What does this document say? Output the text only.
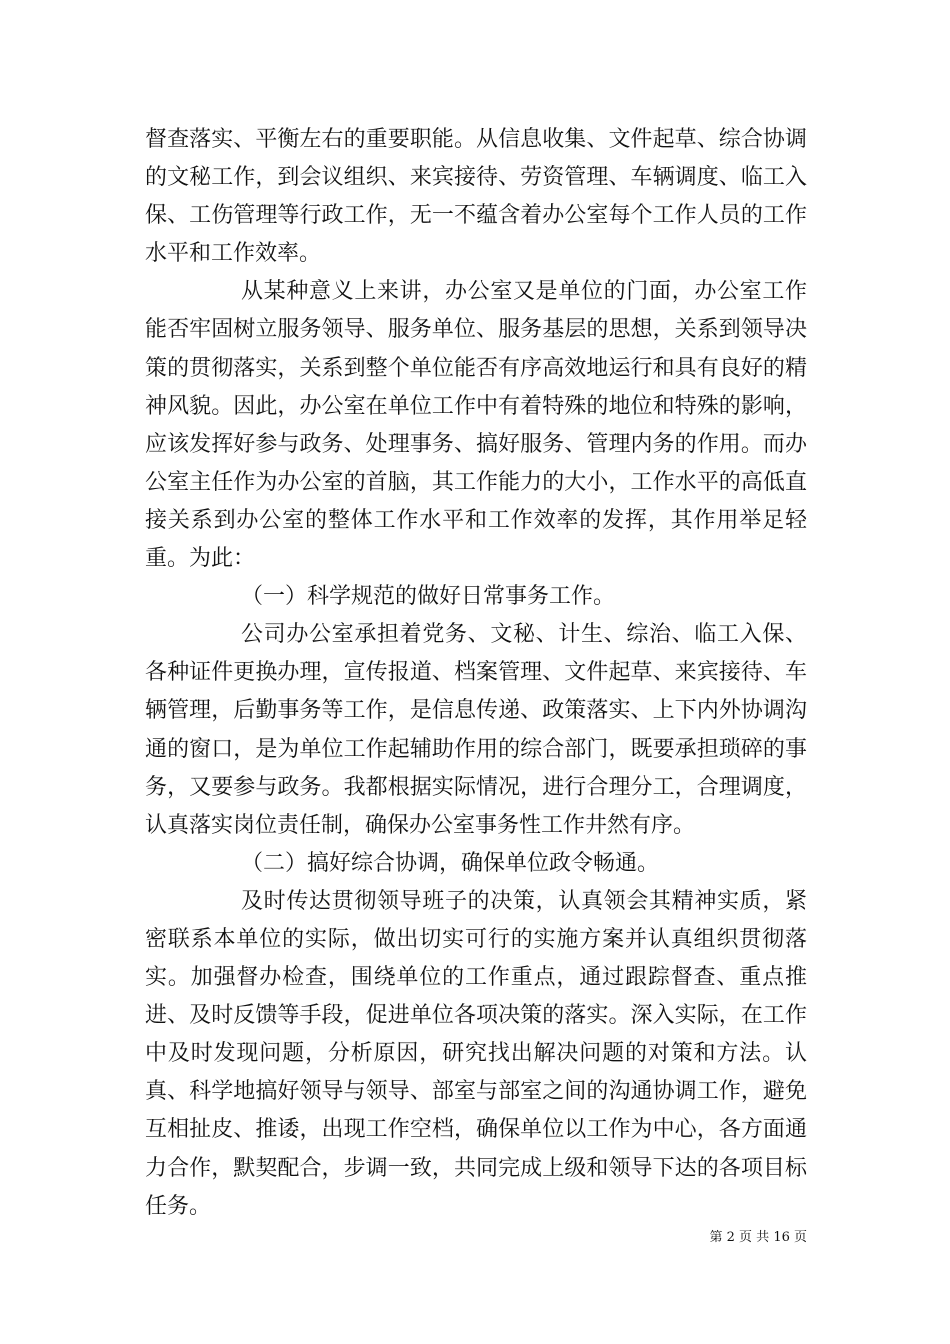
督查落实、平衡左右的重要职能。从信息收集、文件起草、综合协调的文秘工作，到会议组织、来宾接待、劳资管理、车辆调度、临工入保、工伤管理等行政工作，无一不蕴含着办公室每个工作人员的工作水平和工作效率。

从某种意义上来讲，办公室又是单位的门面，办公室工作能否牢固树立服务领导、服务单位、服务基层的思想，关系到领导决策的贯彻落实，关系到整个单位能否有序高效地运行和具有良好的精神风貌。因此，办公室在单位工作中有着特殊的地位和特殊的影响，应该发挥好参与政务、处理事务、搞好服务、管理内务的作用。而办公室主任作为办公室的首脑，其工作能力的大小，工作水平的高低直接关系到办公室的整体工作水平和工作效率的发挥，其作用举足轻重。为此：

（一）科学规范的做好日常事务工作。

公司办公室承担着党务、文秘、计生、综治、临工入保、各种证件更换办理，宣传报道、档案管理、文件起草、来宾接待、车辆管理，后勤事务等工作，是信息传递、政策落实、上下内外协调沟通的窗口，是为单位工作起辅助作用的综合部门，既要承担琐碎的事务，又要参与政务。我都根据实际情况，进行合理分工，合理调度，认真落实岗位责任制，确保办公室事务性工作井然有序。

（二）搞好综合协调，确保单位政令畅通。

及时传达贯彻领导班子的决策，认真领会其精神实质，紧密联系本单位的实际，做出切实可行的实施方案并认真组织贯彻落实。加强督办检查，围绕单位的工作重点，通过跟踪督查、重点推进、及时反馈等手段，促进单位各项决策的落实。深入实际，在工作中及时发现问题，分析原因，研究找出解决问题的对策和方法。认真、科学地搞好领导与领导、部室与部室之间的沟通协调工作，避免互相扯皮、推诿，出现工作空档，确保单位以工作为中心，各方面通力合作，默契配合，步调一致，共同完成上级和领导下达的各项目标任务。

第 2 页 共 16 页
